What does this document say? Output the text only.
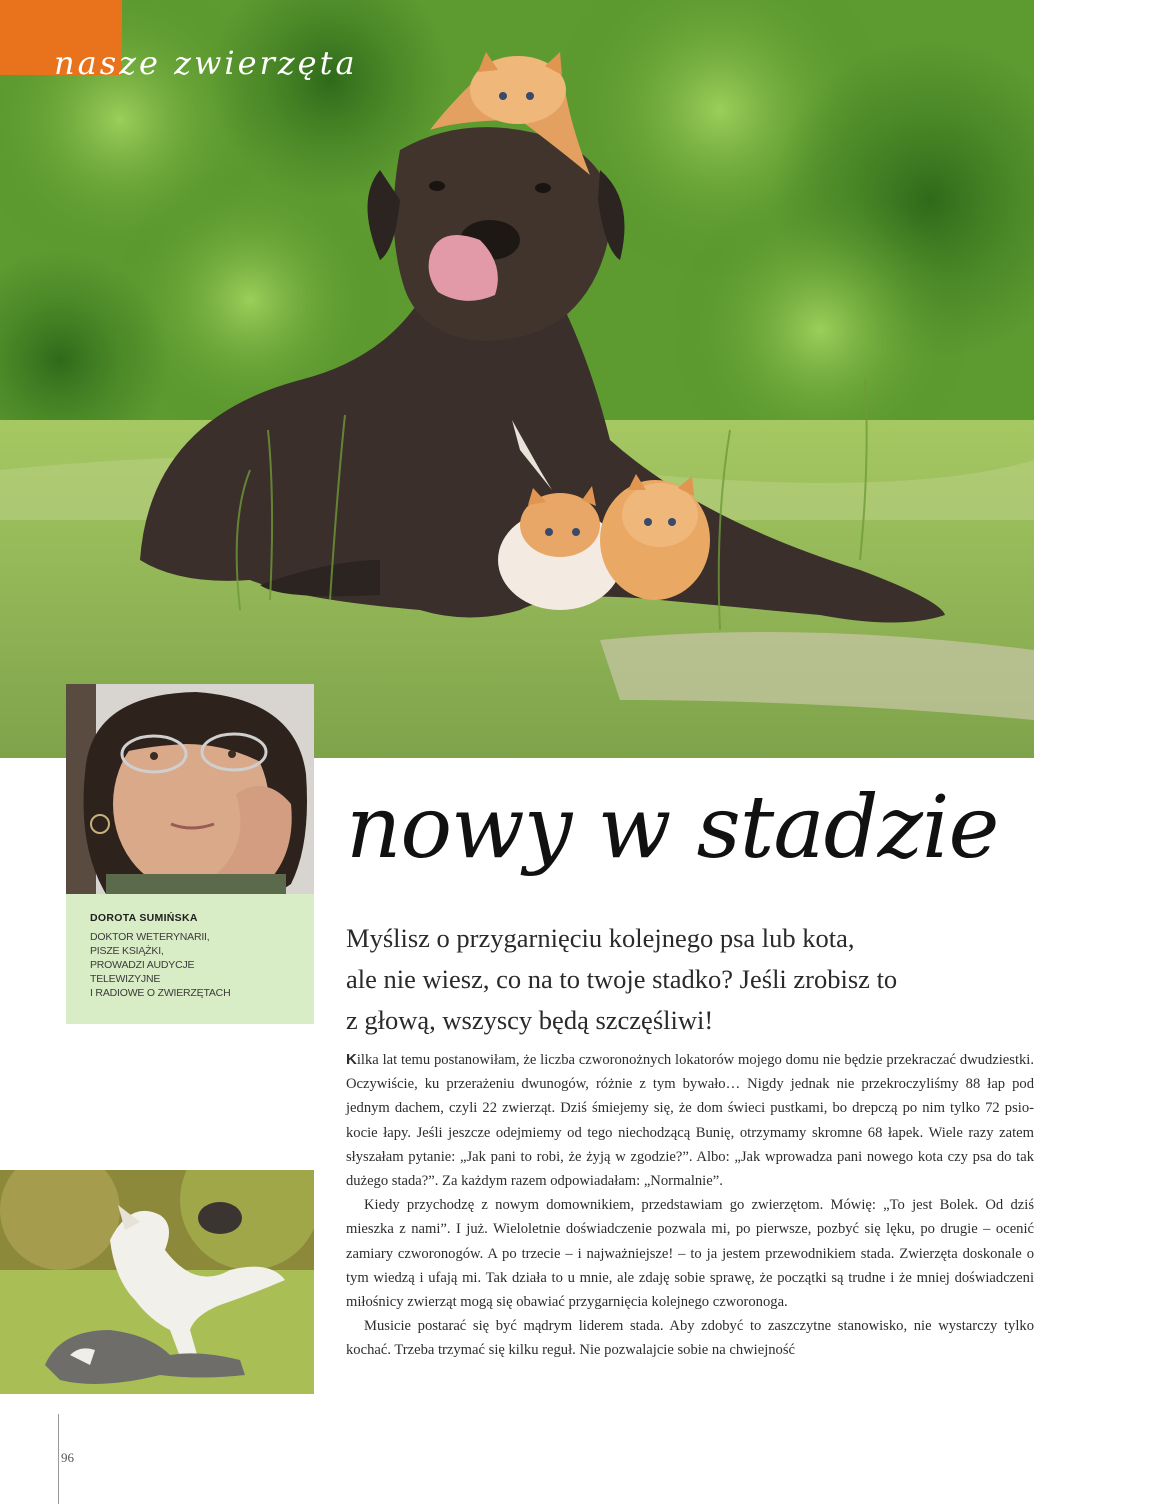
nasze zwierzęta
DOROTA SUMIŃSKA
DOKTOR WETERYNARII,
PISZE KSIĄŻKI,
PROWADZI AUDYCJE
TELEWIZYJNE
I RADIOWE O ZWIERZĘTACH
nowy w stadzie
Myślisz o przygarnięciu kolejnego psa lub kota,
ale nie wiesz, co na to twoje stadko? Jeśli zrobisz to
z głową, wszyscy będą szczęśliwi!

Kilka lat temu postanowiłam, że liczba czworonożnych lokatorów mojego domu nie będzie przekraczać dwudziestki. Oczywiście, ku przerażeniu dwunogów, różnie z tym bywało… Nigdy jednak nie przekroczyliśmy 88 łap pod jednym dachem, czyli 22 zwierząt. Dziś śmiejemy się, że dom świeci pustkami, bo drepczą po nim tylko 72 psio-kocie łapy. Jeśli jeszcze odejmiemy od tego niechodzącą Bunię, otrzymamy skromne 68 łapek. Wiele razy zatem słyszałam pytanie: „Jak pani to robi, że żyją w zgodzie?”. Albo: „Jak wprowadza pani nowego kota czy psa do tak dużego stada?”. Za każdym razem odpowiadałam: „Normalnie”.

Kiedy przychodzę z nowym domownikiem, przedstawiam go zwierzętom. Mówię: „To jest Bolek. Od dziś mieszka z nami”. I już. Wieloletnie doświadczenie pozwala mi, po pierwsze, pozbyć się lęku, po drugie – ocenić zamiary czworonogów. A po trzecie – i najważniejsze! – to ja jestem przewodnikiem stada. Zwierzęta doskonale o tym wiedzą i ufają mi. Tak działa to u mnie, ale zdaję sobie sprawę, że początki są trudne i że mniej doświadczeni miłośnicy zwierząt mogą się obawiać przygarnięcia kolejnego czworonoga.

Musicie postarać się być mądrym liderem stada. Aby zdobyć to zaszczytne stanowisko, nie wystarczy tylko kochać. Trzeba trzymać się kilku reguł. Nie pozwalajcie sobie na chwiejność

96
